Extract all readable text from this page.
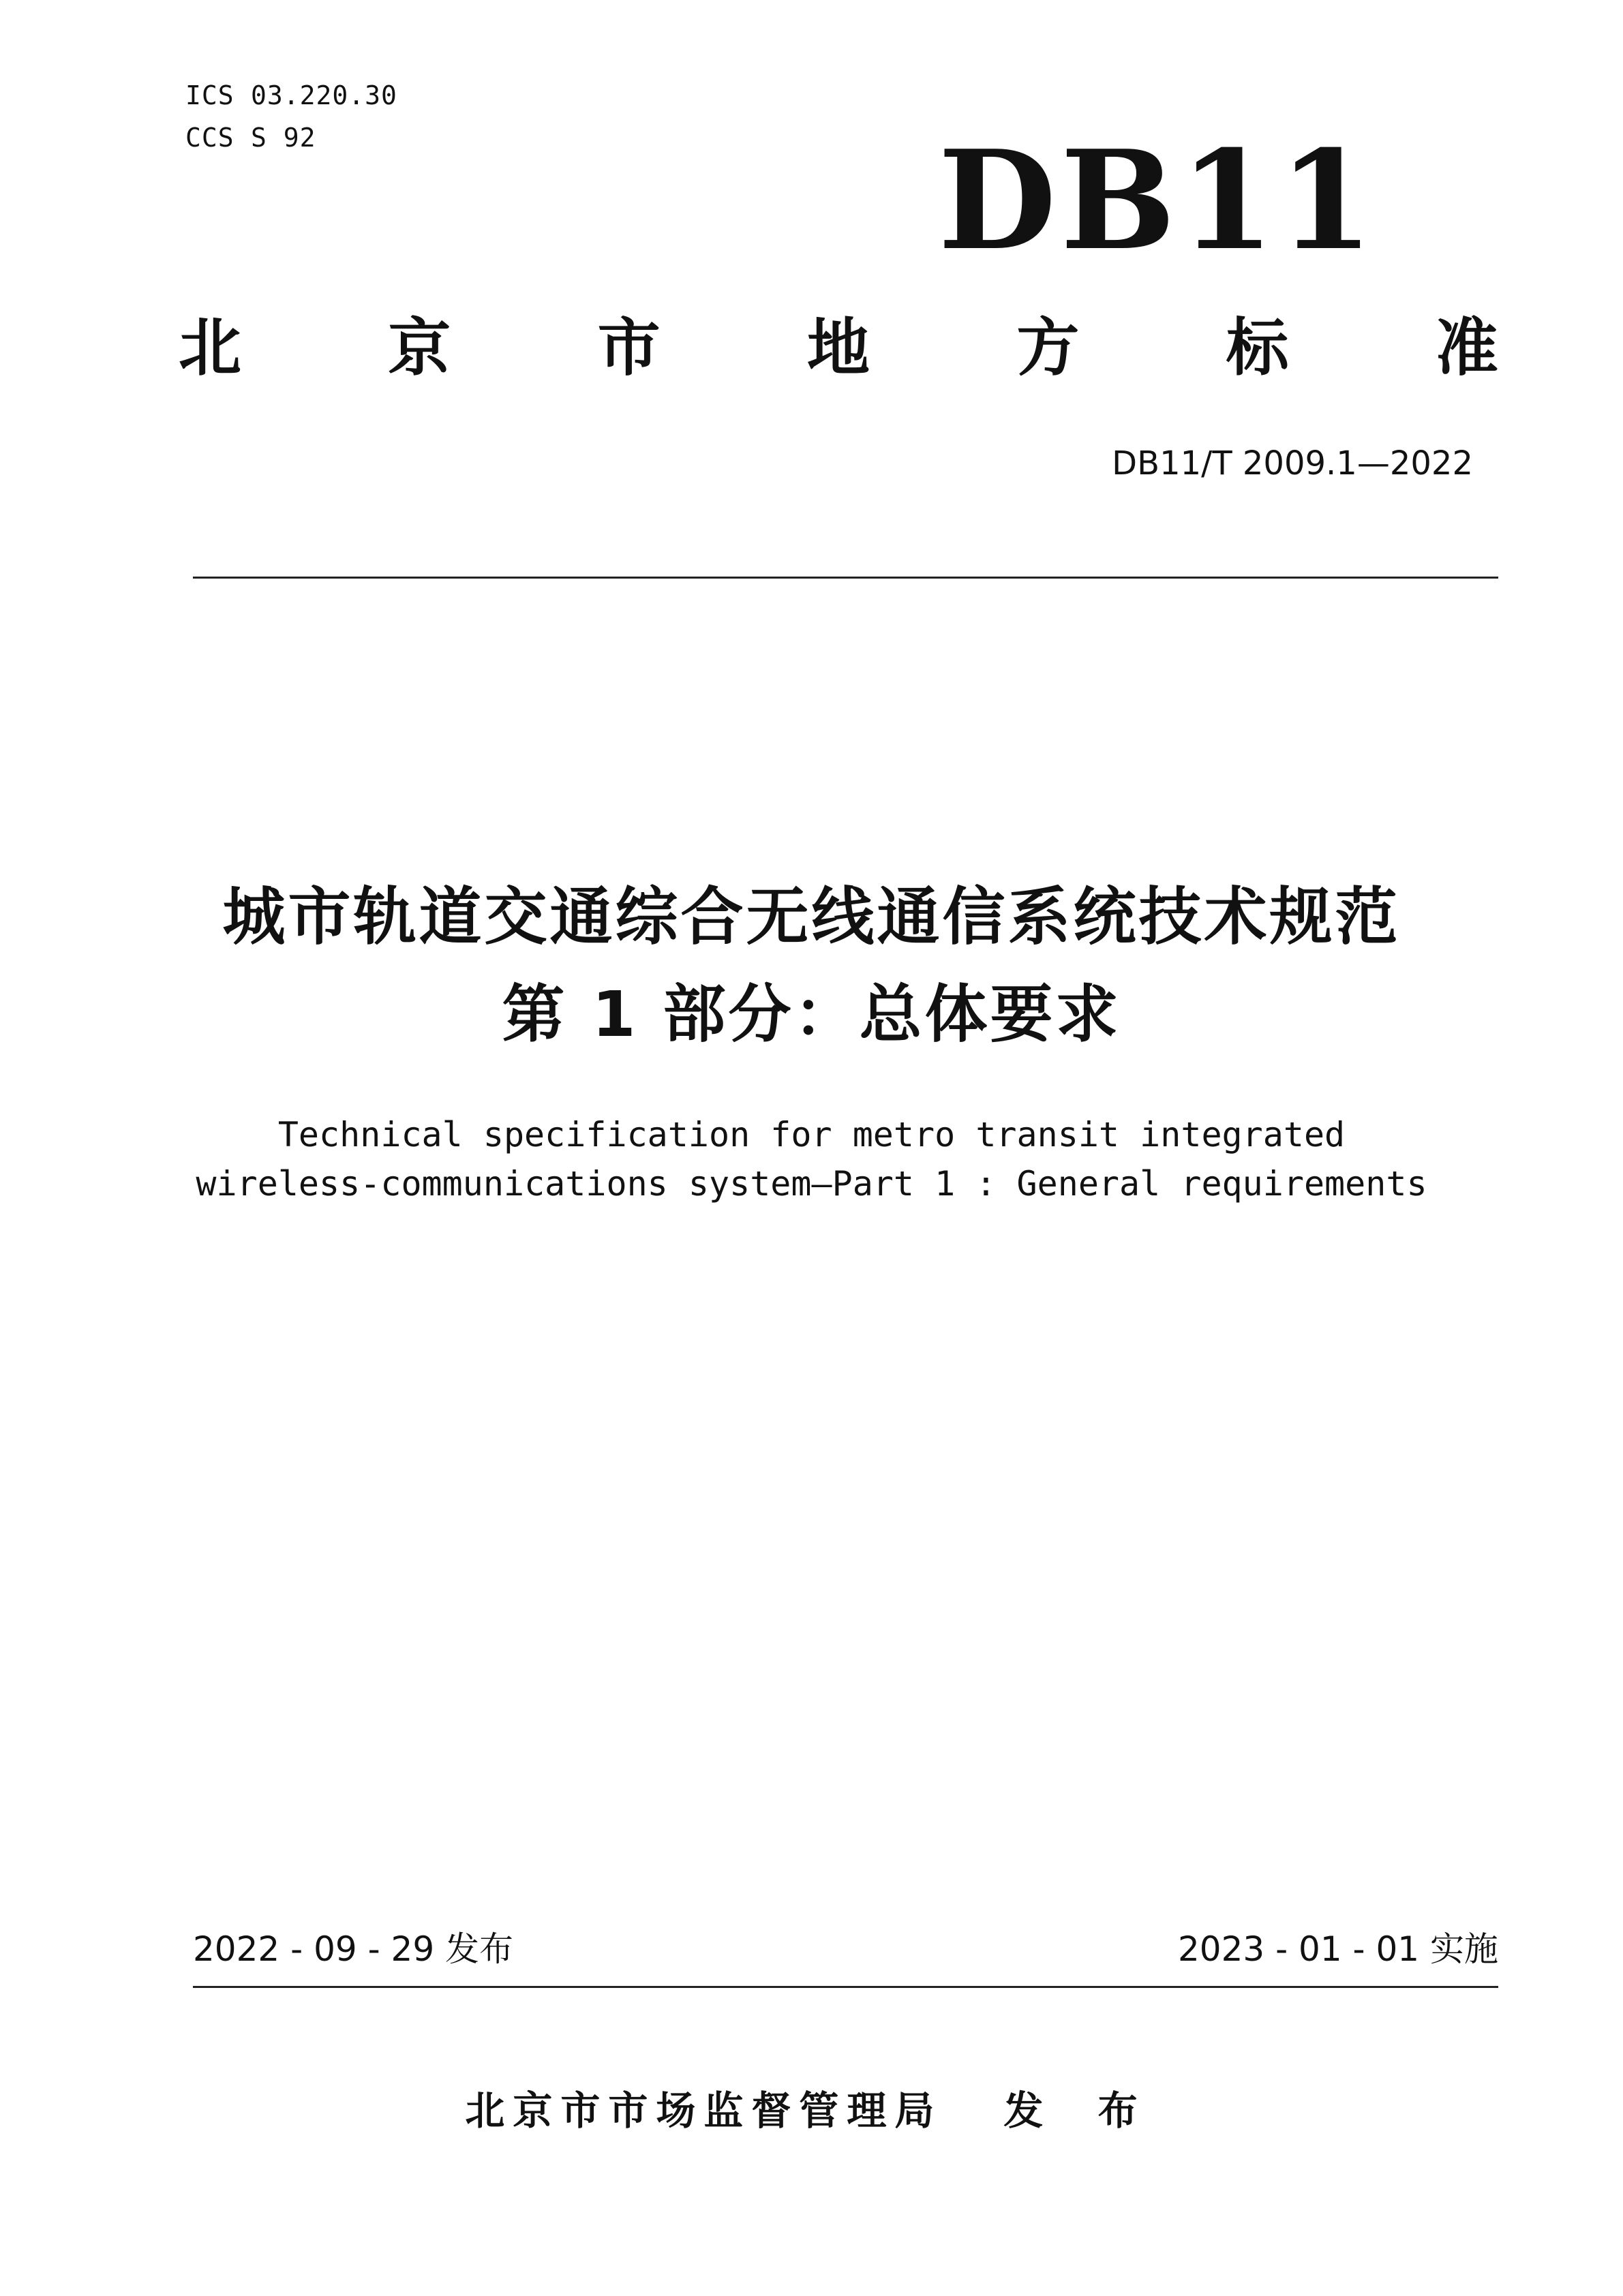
ICS 03.220.30
CCS S 92	DB11
北 京 市 地 方 标 准
DB11/T 2009.1—2022
城市轨道交通综合无线通信系统技术规范
第 1 部分：总体要求
Technical specification for metro transit integrated
wireless-communications system—Part 1 : General requirements
2022 - 09 - 29 发布	2023 - 01 - 01 实施
北京市市场监督管理局 发 布
